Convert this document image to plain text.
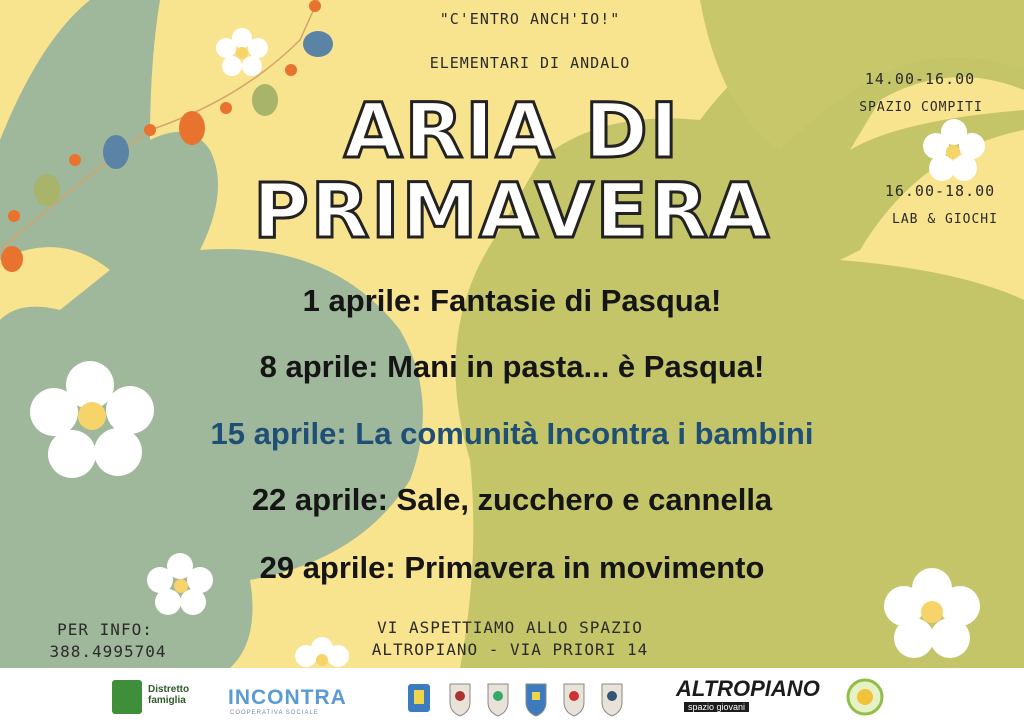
"C'ENTRO ANCH'IO!"

ELEMENTARI DI ANDALO

ARIA DI
PRIMAVERA

14.00-16.00

SPAZIO COMPITI

16.00-18.00

LAB & GIOCHI

1 aprile: Fantasie di Pasqua!

8 aprile: Mani in pasta... è Pasqua!

15 aprile: La comunità Incontra i bambini

22 aprile: Sale, zucchero e cannella

29 aprile: Primavera in movimento

PER INFO:

388.4995704

VI ASPETTIAMO ALLO SPAZIO

ALTROPIANO - VIA PRIORI 14

Distretto famiglia	INCONTRA
COOPERATIVA SOCIALE
ALTROPIANO
spazio giovani
